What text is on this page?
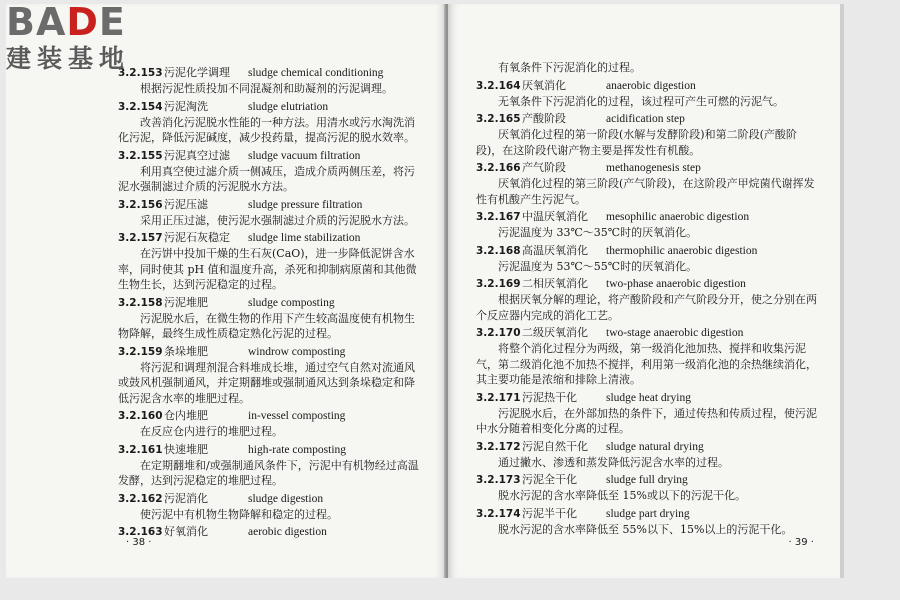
3.2.153污泥化学调理 sludge chemical conditioning

根据污泥性质投加不同混凝剂和助凝剂的污泥调理。

3.2.154污泥淘洗	sludge elutriation

改善消化污泥脱水性能的一种方法。用清水或污水淘洗消化污泥，降低污泥碱度，减少投药量，提高污泥的脱水效率。

3.2.155污泥真空过滤 sludge vacuum filtration

利用真空使过滤介质一侧减压，造成介质两侧压差，将污泥水强制滤过介质的污泥脱水方法。

3.2.156污泥压滤	sludge pressure filtration

采用正压过滤，使污泥水强制滤过介质的污泥脱水方法。

3.2.157污泥石灰稳定 sludge lime stabilization

在污饼中投加干燥的生石灰(CaO)，进一步降低泥饼含水率，同时使其 pH 值和温度升高，杀死和抑制病原菌和其他微生物生长，达到污泥稳定的过程。

3.2.158污泥堆肥	sludge composting

污泥脱水后，在微生物的作用下产生较高温度使有机物生物降解，最终生成性质稳定熟化污泥的过程。

3.2.159条垛堆肥	windrow composting

将污泥和调理剂混合料堆成长堆，通过空气自然对流通风或鼓风机强制通风，并定期翻堆或强制通风达到条垛稳定和降低污泥含水率的堆肥过程。

3.2.160仓内堆肥	in-vessel composting

在反应仓内进行的堆肥过程。

3.2.161快速堆肥	high-rate composting

在定期翻堆和/或强制通风条件下，污泥中有机物经过高温发酵，达到污泥稳定的堆肥过程。

3.2.162污泥消化	sludge digestion

使污泥中有机物生物降解和稳定的过程。

3.2.163好氧消化	aerobic digestion
· 38 ·

有氧条件下污泥消化的过程。

3.2.164厌氧消化	anaerobic digestion

无氧条件下污泥消化的过程，该过程可产生可燃的污泥气。

3.2.165产酸阶段	acidification step

厌氧消化过程的第一阶段(水解与发酵阶段)和第二阶段(产酸阶段)，在这阶段代谢产物主要是挥发性有机酸。

3.2.166产气阶段	methanogenesis step

厌氧消化过程的第三阶段(产气阶段)，在这阶段产甲烷菌代谢挥发性有机酸产生污泥气。

3.2.167中温厌氧消化 mesophilic anaerobic digestion

污泥温度为 33℃～35℃时的厌氧消化。

3.2.168高温厌氧消化 thermophilic anaerobic digestion

污泥温度为 53℃～55℃时的厌氧消化。

3.2.169二相厌氧消化 two-phase anaerobic digestion

根据厌氧分解的理论，将产酸阶段和产气阶段分开，使之分别在两个反应器内完成的消化工艺。

3.2.170二级厌氧消化 two-stage anaerobic digestion

将整个消化过程分为两级，第一级消化池加热、搅拌和收集污泥气，第二级消化池不加热不搅拌，利用第一级消化池的余热继续消化，其主要功能是浓缩和排除上清液。

3.2.171污泥热干化	sludge heat drying

污泥脱水后，在外部加热的条件下，通过传热和传质过程，使污泥中水分随着相变化分离的过程。

3.2.172污泥自然干化 sludge natural drying

通过撇水、渗透和蒸发降低污泥含水率的过程。

3.2.173污泥全干化	sludge full drying

脱水污泥的含水率降低至 15%或以下的污泥干化。

3.2.174污泥半干化	sludge part drying

脱水污泥的含水率降低至 55%以下、15%以上的污泥干化。

· 39 ·
BADE
建装基地
